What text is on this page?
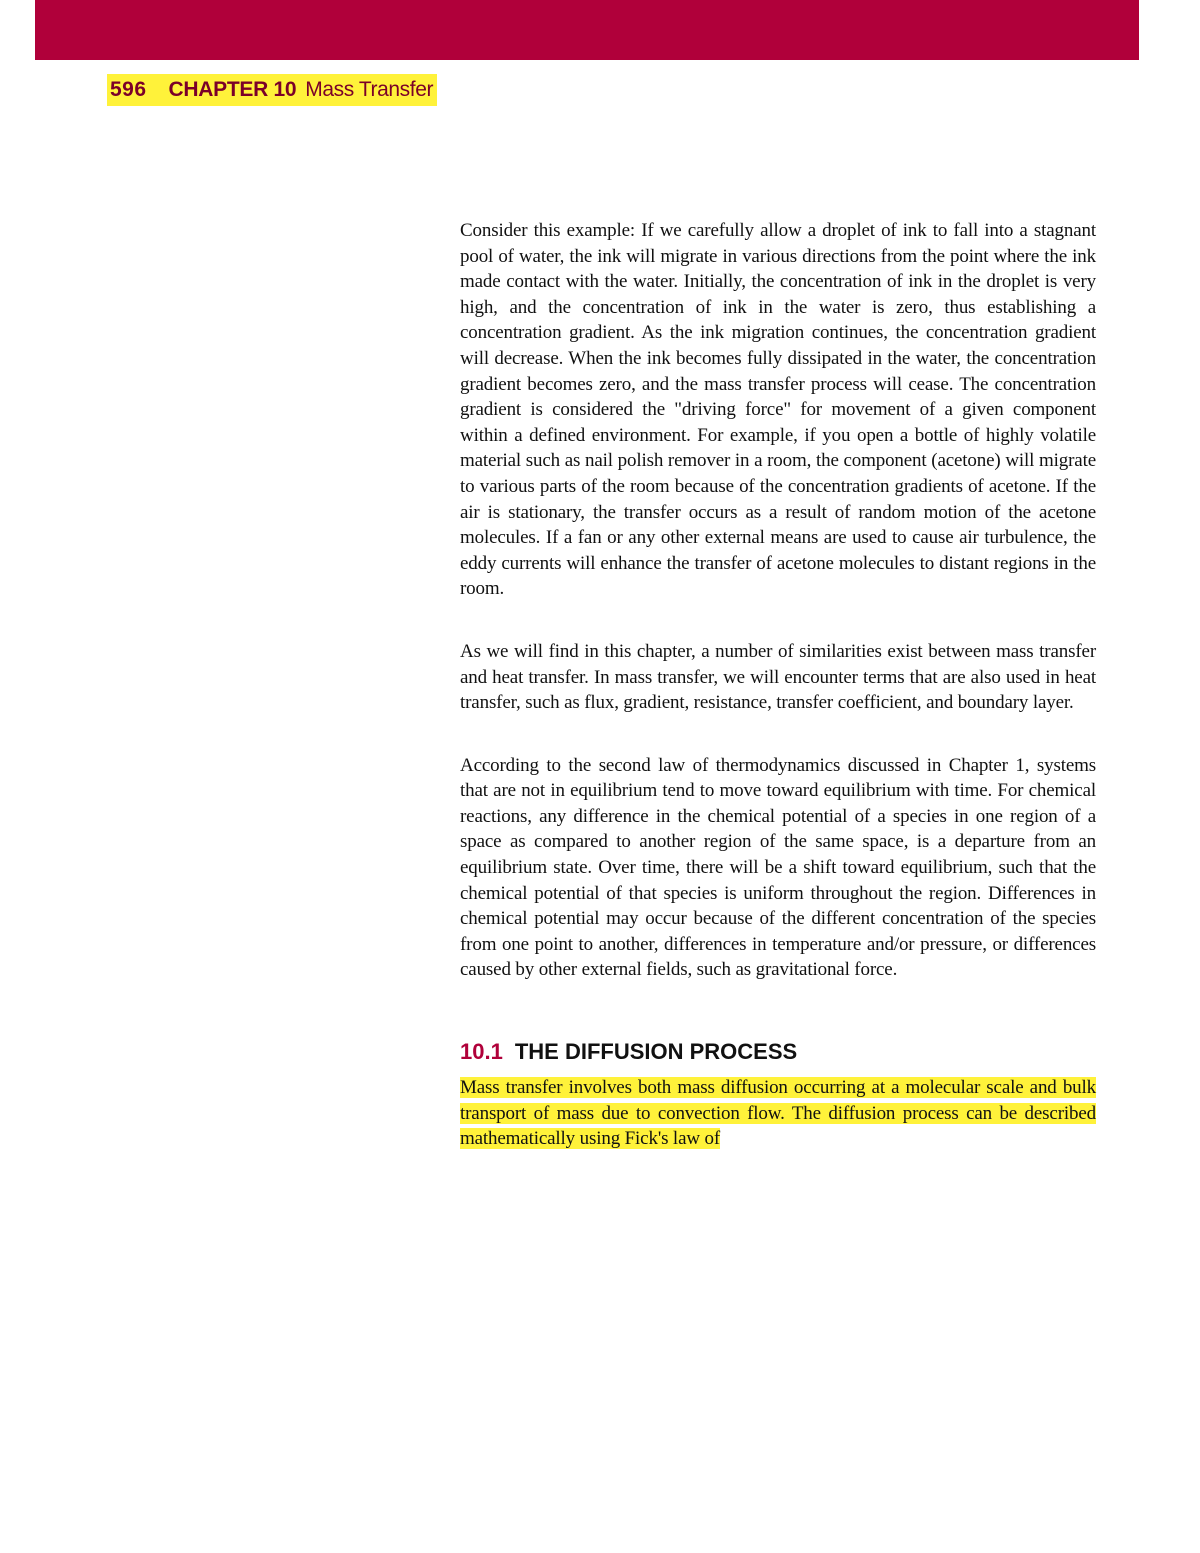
596 CHAPTER 10 Mass Transfer

Consider this example: If we carefully allow a droplet of ink to fall into a stagnant pool of water, the ink will migrate in various directions from the point where the ink made contact with the water. Initially, the concentration of ink in the droplet is very high, and the concentration of ink in the water is zero, thus establishing a concentration gradient. As the ink migration continues, the concentration gradient will decrease. When the ink becomes fully dissipated in the water, the concentration gradient becomes zero, and the mass transfer process will cease. The concentration gradient is considered the "driving force" for movement of a given component within a defined environment. For example, if you open a bottle of highly volatile material such as nail polish remover in a room, the component (acetone) will migrate to various parts of the room because of the concentration gradients of acetone. If the air is stationary, the transfer occurs as a result of random motion of the acetone molecules. If a fan or any other external means are used to cause air turbulence, the eddy currents will enhance the transfer of acetone molecules to distant regions in the room.

As we will find in this chapter, a number of similarities exist between mass transfer and heat transfer. In mass transfer, we will encounter terms that are also used in heat transfer, such as flux, gradient, resistance, transfer coefficient, and boundary layer.

According to the second law of thermodynamics discussed in Chapter 1, systems that are not in equilibrium tend to move toward equilibrium with time. For chemical reactions, any difference in the chemical potential of a species in one region of a space as compared to another region of the same space, is a departure from an equilibrium state. Over time, there will be a shift toward equilibrium, such that the chemical potential of that species is uniform throughout the region. Differences in chemical potential may occur because of the different concentration of the species from one point to another, differences in temperature and/or pressure, or differences caused by other external fields, such as gravitational force.

10.1 THE DIFFUSION PROCESS

Mass transfer involves both mass diffusion occurring at a molecular scale and bulk transport of mass due to convection flow. The diffusion process can be described mathematically using Fick's law of
